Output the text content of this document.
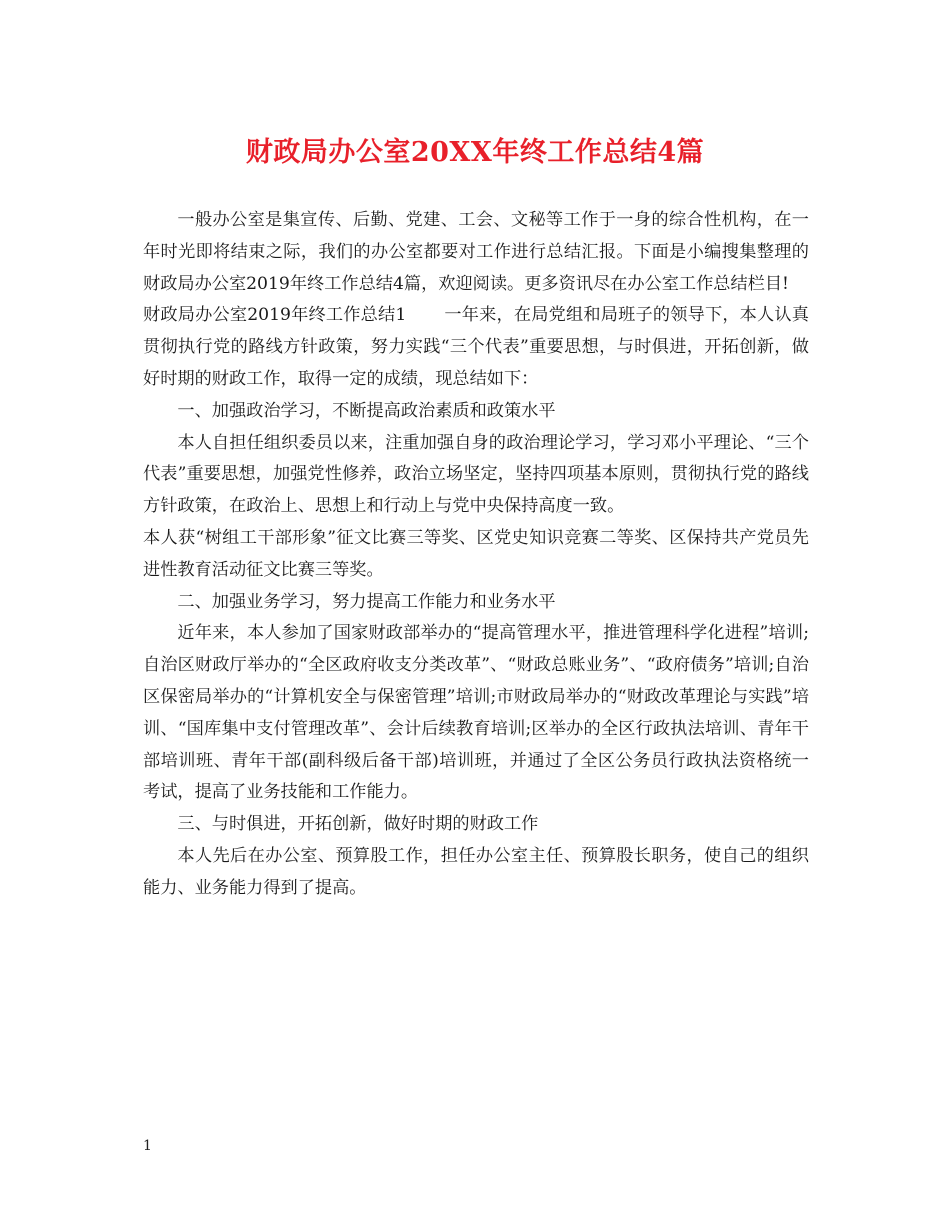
财政局办公室20XX年终工作总结4篇

一般办公室是集宣传、后勤、党建、工会、文秘等工作于一身的综合性机构，在一年时光即将结束之际，我们的办公室都要对工作进行总结汇报。下面是小编搜集整理的财政局办公室2019年终工作总结4篇，欢迎阅读。更多资讯尽在办公室工作总结栏目!

财政局办公室2019年终工作总结1 一年来，在局党组和局班子的领导下，本人认真贯彻执行党的路线方针政策，努力实践“三个代表”重要思想，与时俱进，开拓创新，做好时期的财政工作，取得一定的成绩，现总结如下：

一、加强政治学习，不断提高政治素质和政策水平

本人自担任组织委员以来，注重加强自身的政治理论学习，学习邓小平理论、“三个代表”重要思想，加强党性修养，政治立场坚定，坚持四项基本原则，贯彻执行党的路线方针政策，在政治上、思想上和行动上与党中央保持高度一致。

本人获“树组工干部形象”征文比赛三等奖、区党史知识竞赛二等奖、区保持共产党员先进性教育活动征文比赛三等奖。

二、加强业务学习，努力提高工作能力和业务水平

近年来，本人参加了国家财政部举办的“提高管理水平，推进管理科学化进程”培训;自治区财政厅举办的“全区政府收支分类改革”、“财政总账业务”、“政府债务”培训;自治区保密局举办的“计算机安全与保密管理”培训;市财政局举办的“财政改革理论与实践”培训、“国库集中支付管理改革”、会计后续教育培训;区举办的全区行政执法培训、青年干部培训班、青年干部(副科级后备干部)培训班，并通过了全区公务员行政执法资格统一考试，提高了业务技能和工作能力。

三、与时俱进，开拓创新，做好时期的财政工作

本人先后在办公室、预算股工作，担任办公室主任、预算股长职务，使自己的组织能力、业务能力得到了提高。

1
